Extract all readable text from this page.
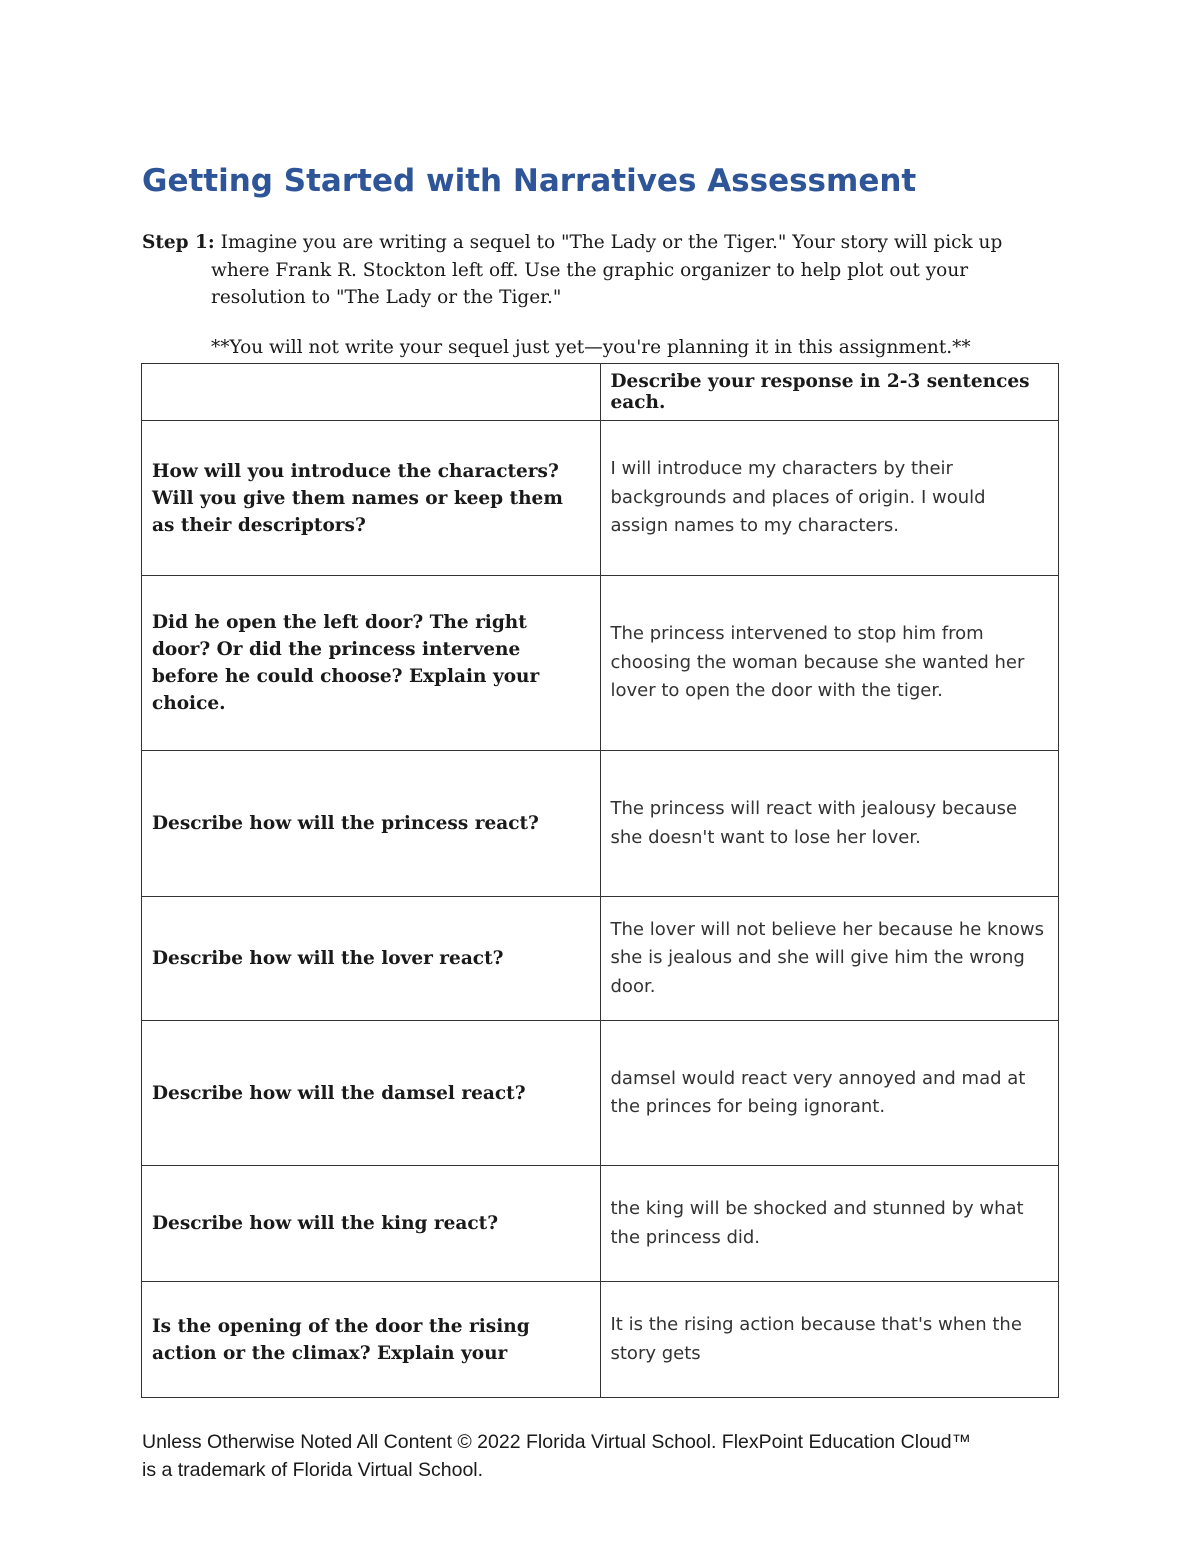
Getting Started with Narratives Assessment
Step 1: Imagine you are writing a sequel to "The Lady or the Tiger." Your story will pick up
where Frank R. Stockton left off. Use the graphic organizer to help plot out your
resolution to "The Lady or the Tiger."
**You will not write your sequel just yet—you're planning it in this assignment.**
	Describe your response in 2-3 sentences each.
How will you introduce the characters? Will you give them names or keep them as their descriptors?	I will introduce my characters by their backgrounds and places of origin. I would assign names to my characters.
Did he open the left door? The right door? Or did the princess intervene before he could choose? Explain your choice.	The princess intervened to stop him from choosing the woman because she wanted her lover to open the door with the tiger.
Describe how will the princess react?	The princess will react with jealousy because she doesn't want to lose her lover.
Describe how will the lover react?	The lover will not believe her because he knows she is jealous and she will give him the wrong door.
Describe how will the damsel react?	damsel would react very annoyed and mad at the princes for being ignorant.
Describe how will the king react?	the king will be shocked and stunned by what the princess did.
Is the opening of the door the rising action or the climax? Explain your	It is the rising action because that's when the story gets
Unless Otherwise Noted All Content © 2022 Florida Virtual School. FlexPoint Education Cloud™
is a trademark of Florida Virtual School.
